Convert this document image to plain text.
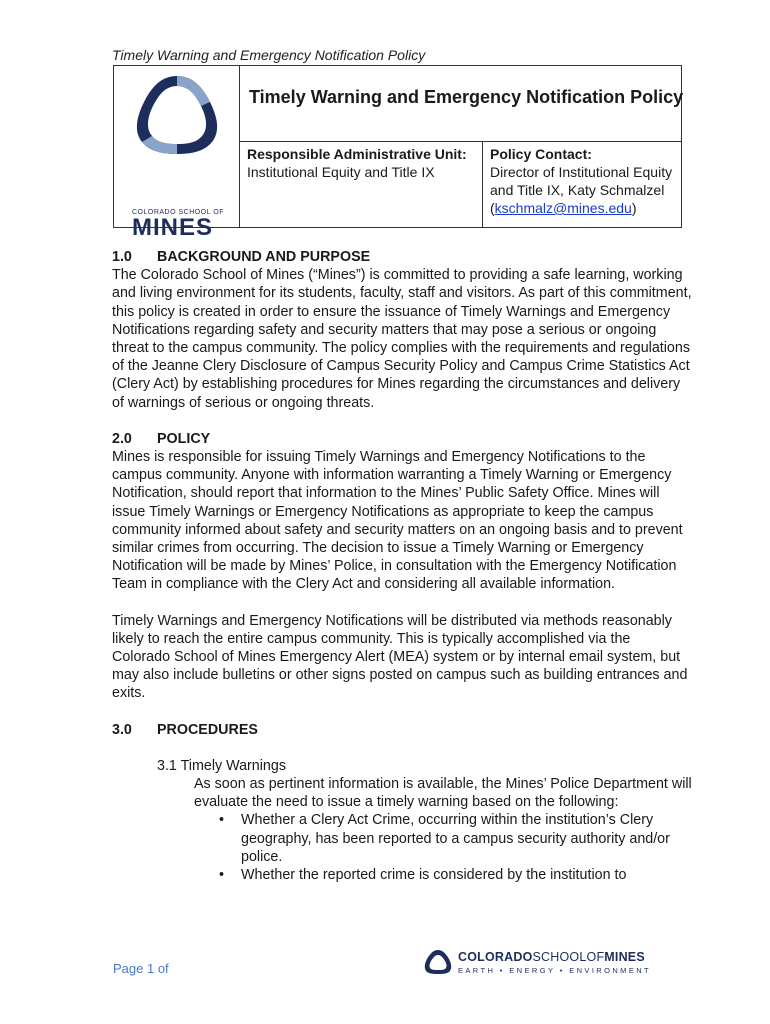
Timely Warning and Emergency Notification Policy
COLORADO SCHOOL OF
MINES
Timely Warning and Emergency Notification Policy
Responsible Administrative Unit:
Institutional Equity and Title IX
Policy Contact:
Director of Institutional Equity
and Title IX, Katy Schmalzel
(kschmalz@mines.edu)
1.0	BACKGROUND AND PURPOSE

The Colorado School of Mines (“Mines”) is committed to providing a safe learning, working and living environment for its students, faculty, staff and visitors. As part of this commitment, this policy is created in order to ensure the issuance of Timely Warnings and Emergency Notifications regarding safety and security matters that may pose a serious or ongoing threat to the campus community. The policy complies with the requirements and regulations of the Jeanne Clery Disclosure of Campus Security Policy and Campus Crime Statistics Act (Clery Act) by establishing procedures for Mines regarding the circumstances and delivery of warnings of serious or ongoing threats.

2.0	POLICY

Mines is responsible for issuing Timely Warnings and Emergency Notifications to the campus community. Anyone with information warranting a Timely Warning or Emergency Notification, should report that information to the Mines’ Public Safety Office. Mines will issue Timely Warnings or Emergency Notifications as appropriate to keep the campus community informed about safety and security matters on an ongoing basis and to prevent similar crimes from occurring. The decision to issue a Timely Warning or Emergency Notification will be made by Mines’ Police, in consultation with the Emergency Notification Team in compliance with the Clery Act and considering all available information.

Timely Warnings and Emergency Notifications will be distributed via methods reasonably likely to reach the entire campus community. This is typically accomplished via the Colorado School of Mines Emergency Alert (MEA) system or by internal email system, but may also include bulletins or other signs posted on campus such as building entrances and exits.

3.0	PROCEDURES
3.1 Timely Warnings
As soon as pertinent information is available, the Mines’ Police Department will evaluate the need to issue a timely warning based on the following:
• Whether a Clery Act Crime, occurring within the institution’s Clery geography, has been reported to a campus security authority and/or police.
• Whether the reported crime is considered by the institution to
Page 1 of
COLORADOSCHOOLOFMINES
EARTH • ENERGY • ENVIRONMENT
